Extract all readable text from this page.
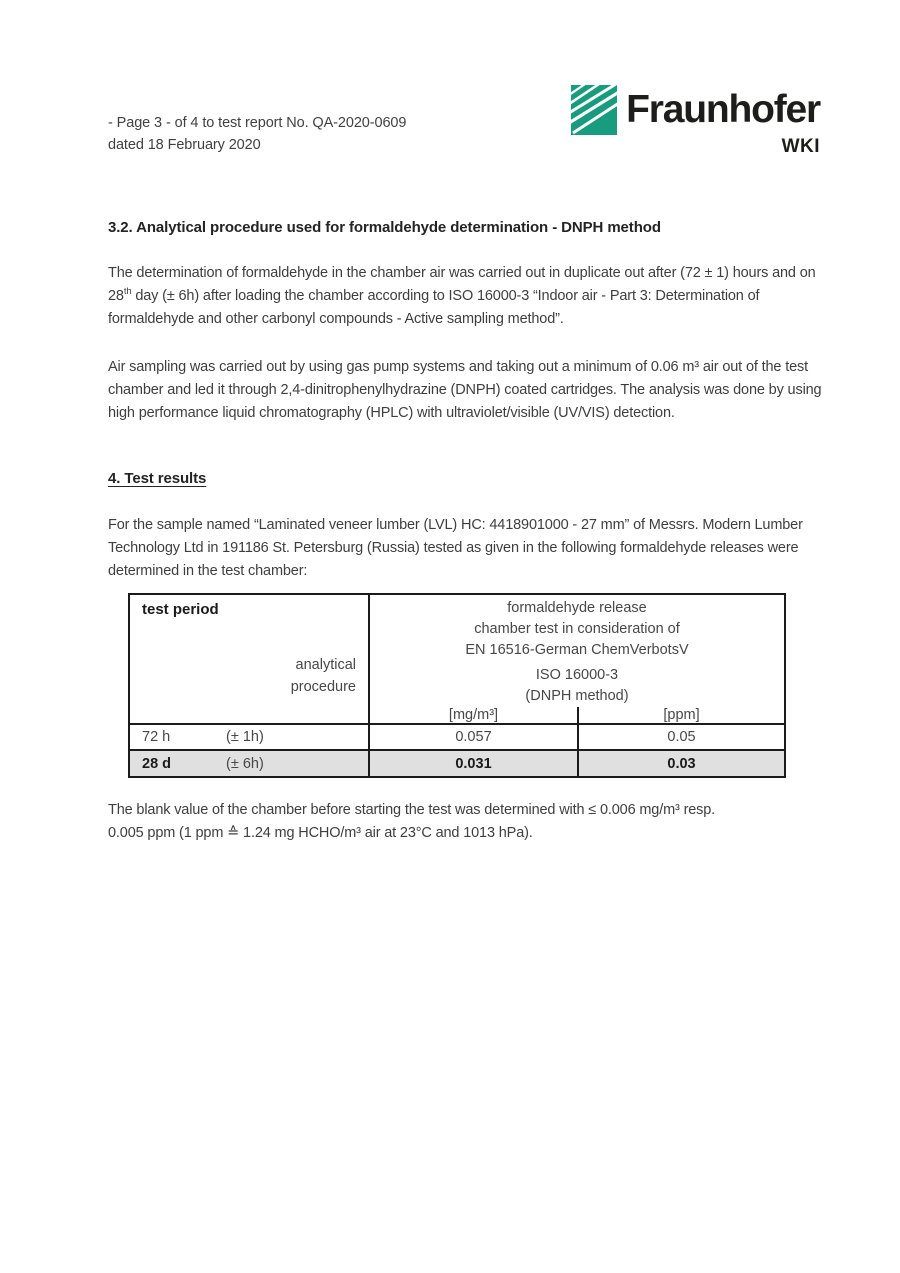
- Page 3 - of 4 to test report No. QA-2020-0609
dated 18 February 2020
Fraunhofer
WKI
3.2. Analytical procedure used for formaldehyde determination - DNPH method

The determination of formaldehyde in the chamber air was carried out in duplicate out after (72 ± 1) hours and on 28th day (± 6h) after loading the chamber according to ISO 16000-3 “Indoor air - Part 3: Determination of formaldehyde and other carbonyl compounds - Active sampling method”.

Air sampling was carried out by using gas pump systems and taking out a minimum of 0.06 m³ air out of the test chamber and led it through 2,4-dinitrophenylhydrazine (DNPH) coated cartridges. The analysis was done by using high performance liquid chromatography (HPLC) with ultraviolet/visible (UV/VIS) detection.

4. Test results

For the sample named “Laminated veneer lumber (LVL) HC: 4418901000 - 27 mm” of Messrs. Modern Lumber Technology Ltd in 191186 St. Petersburg (Russia) tested as given in the following formaldehyde releases were determined in the test chamber:

test period
analytical
procedure
formaldehyde release
chamber test in consideration of
EN 16516-German ChemVerbotsV
ISO 16000-3
(DNPH method)
[mg/m³]	[ppm]
72 h	(± 1h)	0.057	0.05
28 d	(± 6h)	0.031	0.03

The blank value of the chamber before starting the test was determined with ≤ 0.006 mg/m³ resp.
0.005 ppm (1 ppm ≙ 1.24 mg HCHO/m³ air at 23°C and 1013 hPa).
